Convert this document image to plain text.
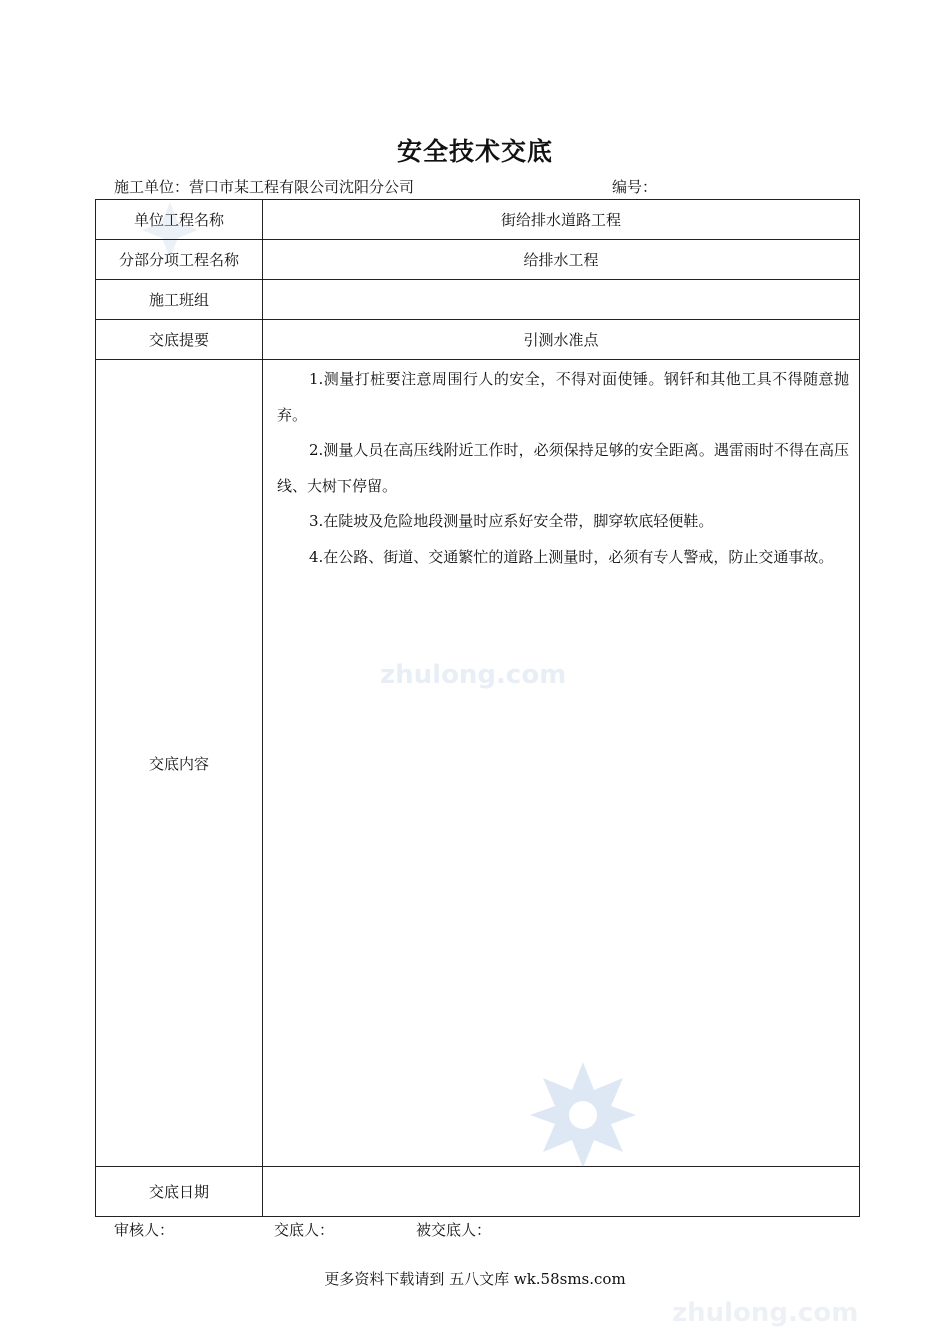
安全技术交底
施工单位：营口市某工程有限公司沈阳分公司	编号：
单位工程名称	街给排水道路工程
分部分项工程名称	给排水工程
施工班组	
交底提要	引测水准点
交底内容	1.测量打桩要注意周围行人的安全，不得对面使锤。钢钎和其他工具不得随意抛弃。

2.测量人员在高压线附近工作时，必须保持足够的安全距离。遇雷雨时不得在高压线、大树下停留。

3.在陡坡及危险地段测量时应系好安全带，脚穿软底轻便鞋。

4.在公路、街道、交通繁忙的道路上测量时，必须有专人警戒，防止交通事故。

交底日期	
zhulong.com
审核人：	交底人：	被交底人：
更多资料下载请到 五八文库 wk.58sms.com
zhulong.com
